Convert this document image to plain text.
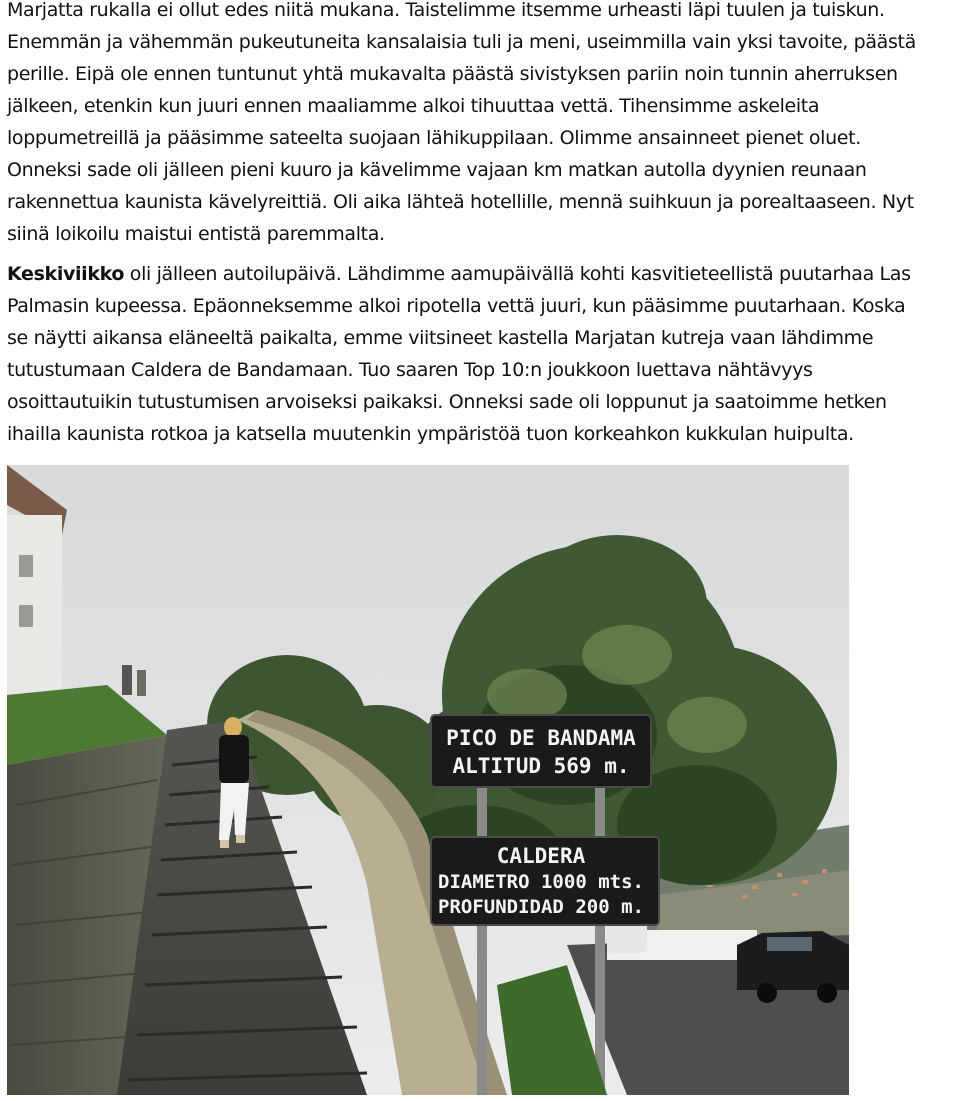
Marjatta rukalla ei ollut edes niitä mukana. Taistelimme itsemme urheasti läpi tuulen ja tuiskun.
Enemmän ja vähemmän pukeutuneita kansalaisia tuli ja meni, useimmilla vain yksi tavoite, päästä
perille. Eipä ole ennen tuntunut yhtä mukavalta päästä sivistyksen pariin noin tunnin aherruksen
jälkeen, etenkin kun juuri ennen maaliamme alkoi tihuuttaa vettä. Tihensimme askeleita
loppumetreillä ja pääsimme sateelta suojaan lähikuppilaan. Olimme ansainneet pienet oluet.
Onneksi sade oli jälleen pieni kuuro ja kävelimme vajaan km matkan autolla dyynien reunaan
rakennettua kaunista kävelyreittiä. Oli aika lähteä hotellille, mennä suihkuun ja porealtaaseen. Nyt
siinä loikoilu maistui entistä paremmalta.
Keskiviikko oli jälleen autoilupäivä. Lähdimme aamupäivällä kohti kasvitieteellistä puutarhaa Las
Palmasin kupeessa. Epäonneksemme alkoi ripotella vettä juuri, kun pääsimme puutarhaan. Koska
se näytti aikansa eläneeltä paikalta, emme viitsineet kastella Marjatan kutreja vaan lähdimme
tutustumaan Caldera de Bandamaan. Tuo saaren Top 10:n joukkoon luettava nähtävyys
osoittautuikin tutustumisen arvoiseksi paikaksi. Onneksi sade oli loppunut ja saatoimme hetken
ihailla kaunista rotkoa ja katsella muutenkin ympäristöä tuon korkeahkon kukkulan huipulta.
PICO DE BANDAMA
ALTITUD 569 m.
CALDERA
DIAMETRO 1000 mts.
PROFUNDIDAD 200 m.
